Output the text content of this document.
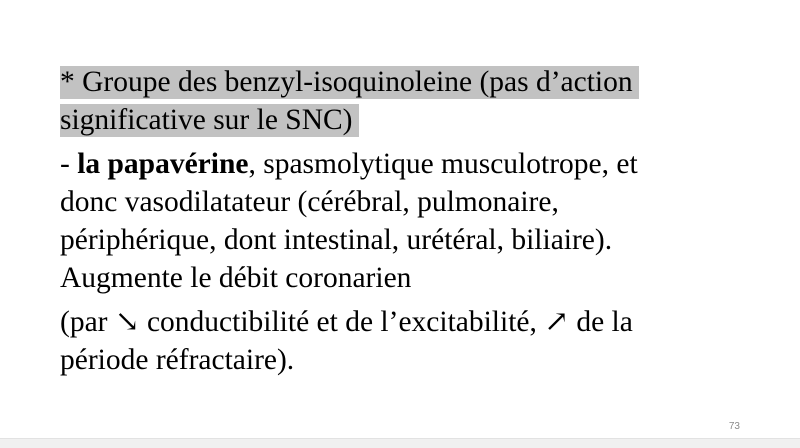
* Groupe des benzyl-isoquinoleine (pas d’action
significative sur le SNC)

- la papavérine, spasmolytique musculotrope, et
donc vasodilatateur (cérébral, pulmonaire,
périphérique, dont intestinal, urétéral, biliaire).
Augmente le débit coronarien

(par ↘ conductibilité et de l’excitabilité, ↗ de la
période réfractaire).

73
